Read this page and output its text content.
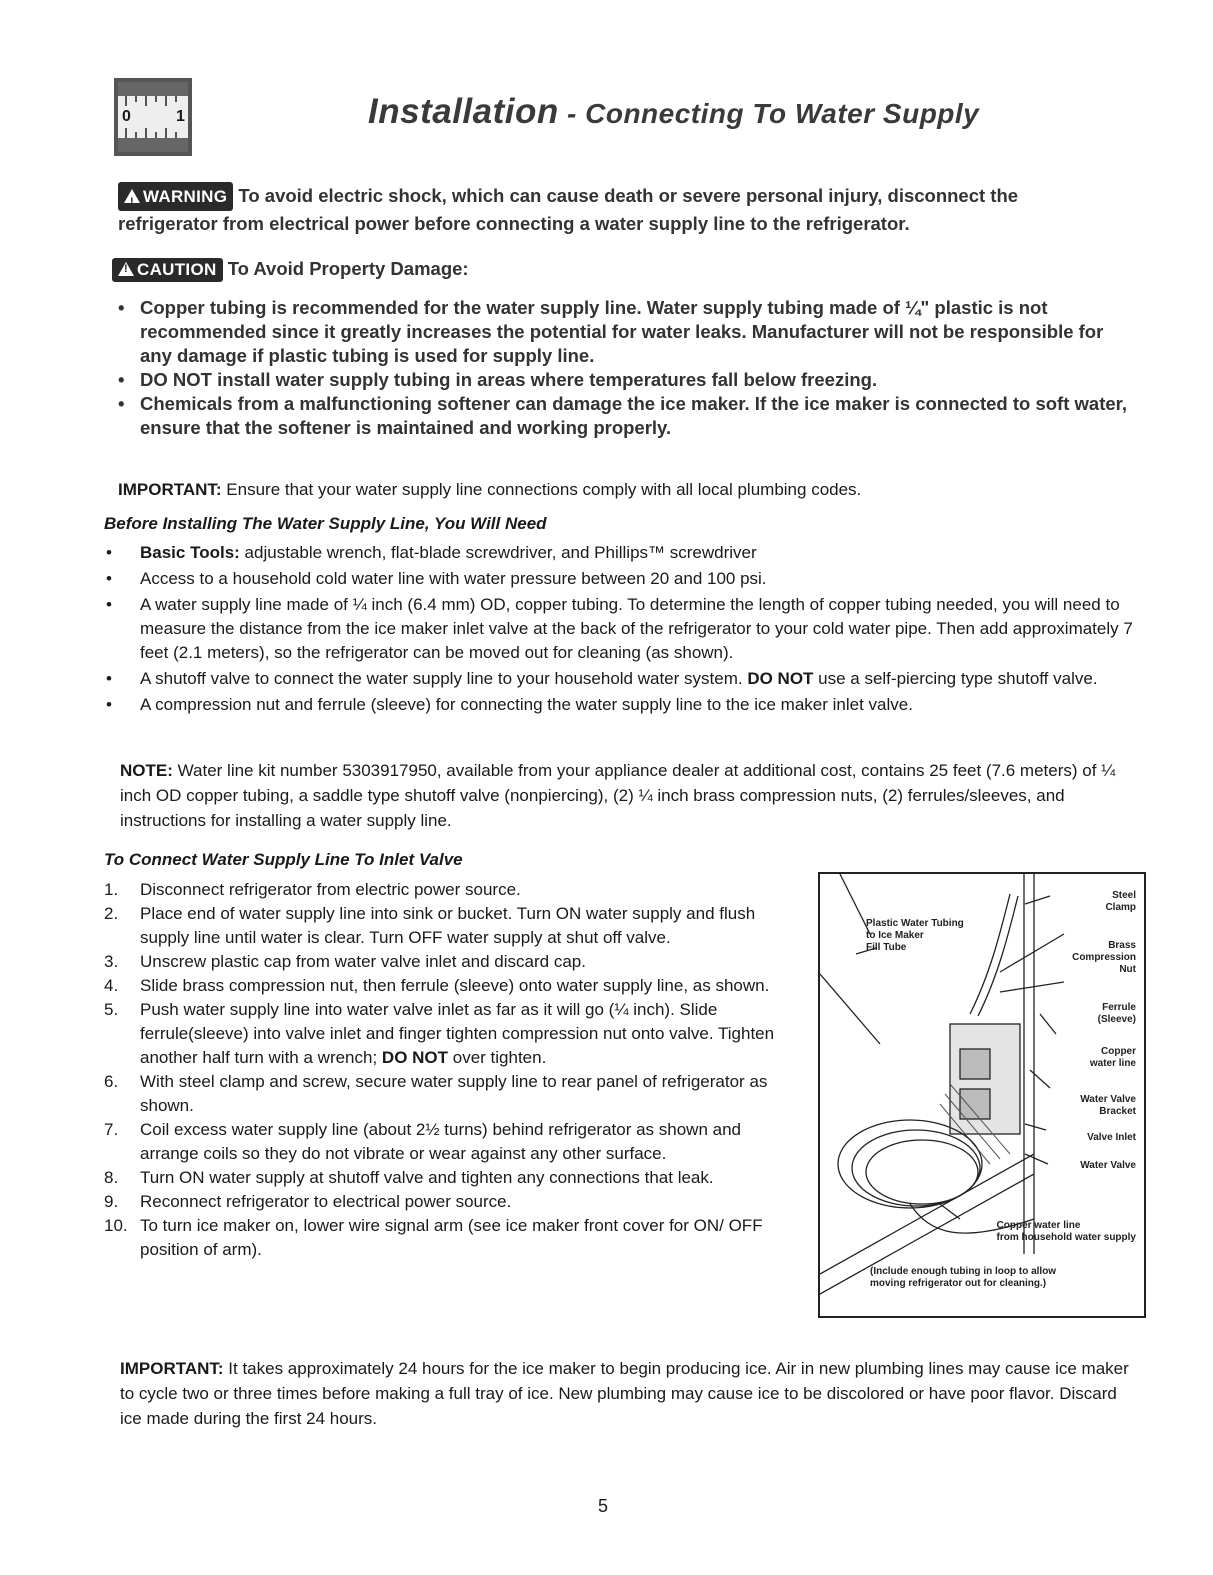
0	1	Installation - Connecting To Water Supply
!WARNING To avoid electric shock, which can cause death or severe personal injury, disconnect the refrigerator from electrical power before connecting a water supply line to the refrigerator.
!CAUTION To Avoid Property Damage:
• Copper tubing is recommended for the water supply line. Water supply tubing made of ¼" plastic is not recommended since it greatly increases the potential for water leaks. Manufacturer will not be responsible for any damage if plastic tubing is used for supply line.
• DO NOT install water supply tubing in areas where temperatures fall below freezing.
• Chemicals from a malfunctioning softener can damage the ice maker. If the ice maker is connected to soft water, ensure that the softener is maintained and working properly.
IMPORTANT: Ensure that your water supply line connections comply with all local plumbing codes.
Before Installing The Water Supply Line, You Will Need
• Basic Tools: adjustable wrench, flat-blade screwdriver, and Phillips™ screwdriver
• Access to a household cold water line with water pressure between 20 and 100 psi.
• A water supply line made of ¼ inch (6.4 mm) OD, copper tubing. To determine the length of copper tubing needed, you will need to measure the distance from the ice maker inlet valve at the back of the refrigerator to your cold water pipe. Then add approximately 7 feet (2.1 meters), so the refrigerator can be moved out for cleaning (as shown).
• A shutoff valve to connect the water supply line to your household water system. DO NOT use a self-piercing type shutoff valve.
• A compression nut and ferrule (sleeve) for connecting the water supply line to the ice maker inlet valve.
NOTE: Water line kit number 5303917950, available from your appliance dealer at additional cost, contains 25 feet (7.6 meters) of ¼ inch OD copper tubing, a saddle type shutoff valve (nonpiercing), (2) ¼ inch brass compression nuts, (2) ferrules/sleeves, and instructions for installing a water supply line.
To Connect Water Supply Line To Inlet Valve
1. Disconnect refrigerator from electric power source.
2. Place end of water supply line into sink or bucket. Turn ON water supply and flush supply line until water is clear. Turn OFF water supply at shut off valve.
3. Unscrew plastic cap from water valve inlet and discard cap.
4. Slide brass compression nut, then ferrule (sleeve) onto water supply line, as shown.
5. Push water supply line into water valve inlet as far as it will go (¼ inch). Slide ferrule(sleeve) into valve inlet and finger tighten compression nut onto valve. Tighten another half turn with a wrench; DO NOT over tighten.
6. With steel clamp and screw, secure water supply line to rear panel of refrigerator as shown.
7. Coil excess water supply line (about 2½ turns) behind refrigerator as shown and arrange coils so they do not vibrate or wear against any other surface.
8. Turn ON water supply at shutoff valve and tighten any connections that leak.
9. Reconnect refrigerator to electrical power source.
10. To turn ice maker on, lower wire signal arm (see ice maker front cover for ON/ OFF position of arm).
Steel
Clamp
Plastic Water Tubing
to Ice Maker
Fill Tube	Brass
Compression
Nut
Ferrule
(Sleeve)
Copper
water line
Water Valve
Bracket
Valve Inlet
Water Valve
Copper water line
from household water supply
(Include enough tubing in loop to allow
moving refrigerator out for cleaning.)
IMPORTANT: It takes approximately 24 hours for the ice maker to begin producing ice. Air in new plumbing lines may cause ice maker to cycle two or three times before making a full tray of ice. New plumbing may cause ice to be discolored or have poor flavor. Discard ice made during the first 24 hours.
5
